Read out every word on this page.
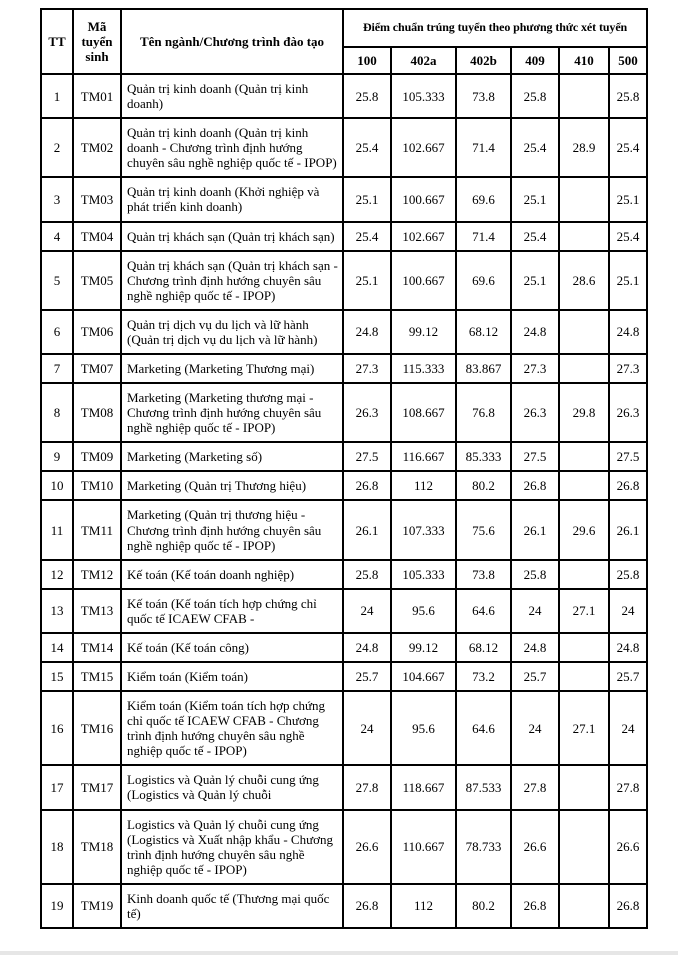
TT	Mã tuyển sinh	Tên ngành/Chương trình đào tạo	Điểm chuẩn trúng tuyển theo phương thức xét tuyển					
			100	402a	402b	409	410	500
1	TM01	Quản trị kinh doanh (Quản trị kinh doanh)	25.8	105.333	73.8	25.8		25.8
2	TM02	Quản trị kinh doanh (Quản trị kinh doanh - Chương trình định hướng chuyên sâu nghề nghiệp quốc tế - IPOP)	25.4	102.667	71.4	25.4	28.9	25.4
3	TM03	Quản trị kinh doanh (Khởi nghiệp và phát triển kinh doanh)	25.1	100.667	69.6	25.1		25.1
4	TM04	Quản trị khách sạn (Quản trị khách sạn)	25.4	102.667	71.4	25.4		25.4
5	TM05	Quản trị khách sạn (Quản trị khách sạn - Chương trình định hướng chuyên sâu nghề nghiệp quốc tế - IPOP)	25.1	100.667	69.6	25.1	28.6	25.1
6	TM06	Quản trị dịch vụ du lịch và lữ hành (Quản trị dịch vụ du lịch và lữ hành)	24.8	99.12	68.12	24.8		24.8
7	TM07	Marketing (Marketing Thương mại)	27.3	115.333	83.867	27.3		27.3
8	TM08	Marketing (Marketing thương mại - Chương trình định hướng chuyên sâu nghề nghiệp quốc tế - IPOP)	26.3	108.667	76.8	26.3	29.8	26.3
9	TM09	Marketing (Marketing số)	27.5	116.667	85.333	27.5		27.5
10	TM10	Marketing (Quản trị Thương hiệu)	26.8	112	80.2	26.8		26.8
11	TM11	Marketing (Quản trị thương hiệu - Chương trình định hướng chuyên sâu nghề nghiệp quốc tế - IPOP)	26.1	107.333	75.6	26.1	29.6	26.1
12	TM12	Kế toán (Kế toán doanh nghiệp)	25.8	105.333	73.8	25.8		25.8
13	TM13	Kế toán (Kế toán tích hợp chứng chỉ quốc tế ICAEW CFAB -	24	95.6	64.6	24	27.1	24
14	TM14	Kế toán (Kế toán công)	24.8	99.12	68.12	24.8		24.8
15	TM15	Kiểm toán (Kiểm toán)	25.7	104.667	73.2	25.7		25.7
16	TM16	Kiểm toán (Kiểm toán tích hợp chứng chỉ quốc tế ICAEW CFAB - Chương trình định hướng chuyên sâu nghề nghiệp quốc tế - IPOP)	24	95.6	64.6	24	27.1	24
17	TM17	Logistics và Quản lý chuỗi cung ứng (Logistics và Quản lý chuỗi	27.8	118.667	87.533	27.8		27.8
18	TM18	Logistics và Quản lý chuỗi cung ứng (Logistics và Xuất nhập khẩu - Chương trình định hướng chuyên sâu nghề nghiệp quốc tế - IPOP)	26.6	110.667	78.733	26.6		26.6
19	TM19	Kinh doanh quốc tế (Thương mại quốc tế)	26.8	112	80.2	26.8		26.8
